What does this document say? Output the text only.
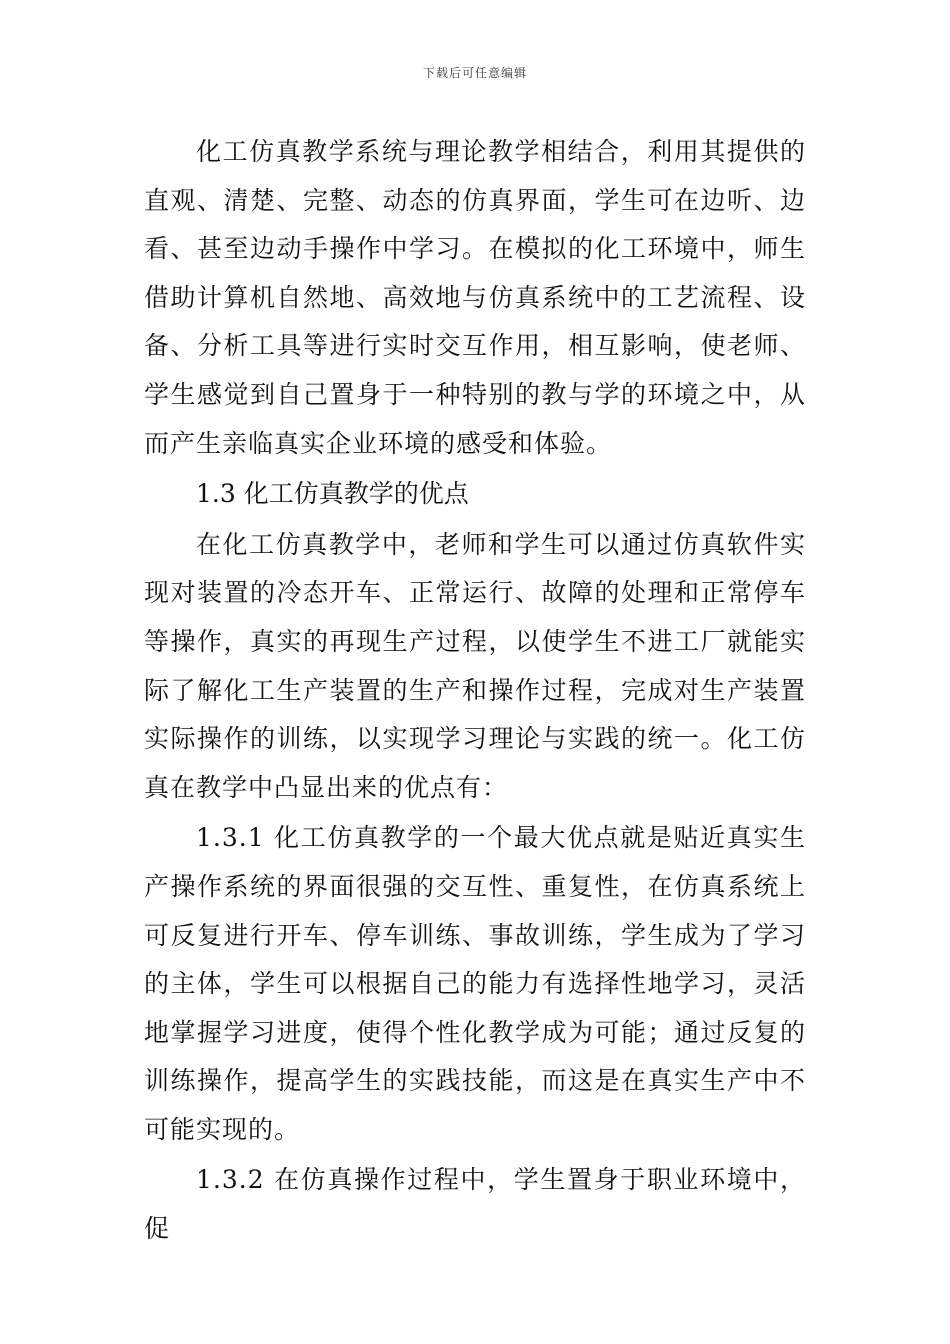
下载后可任意编辑

化工仿真教学系统与理论教学相结合，利用其提供的直观、清楚、完整、动态的仿真界面，学生可在边听、边看、甚至边动手操作中学习。在模拟的化工环境中，师生借助计算机自然地、高效地与仿真系统中的工艺流程、设备、分析工具等进行实时交互作用，相互影响，使老师、学生感觉到自己置身于一种特别的教与学的环境之中，从而产生亲临真实企业环境的感受和体验。

1.3 化工仿真教学的优点

在化工仿真教学中，老师和学生可以通过仿真软件实现对装置的冷态开车、正常运行、故障的处理和正常停车等操作，真实的再现生产过程，以使学生不进工厂就能实际了解化工生产装置的生产和操作过程，完成对生产装置实际操作的训练，以实现学习理论与实践的统一。化工仿真在教学中凸显出来的优点有：

1.3.1 化工仿真教学的一个最大优点就是贴近真实生产操作系统的界面很强的交互性、重复性，在仿真系统上可反复进行开车、停车训练、事故训练，学生成为了学习的主体，学生可以根据自己的能力有选择性地学习，灵活地掌握学习进度，使得个性化教学成为可能；通过反复的训练操作，提高学生的实践技能，而这是在真实生产中不可能实现的。

1.3.2 在仿真操作过程中，学生置身于职业环境中，促
